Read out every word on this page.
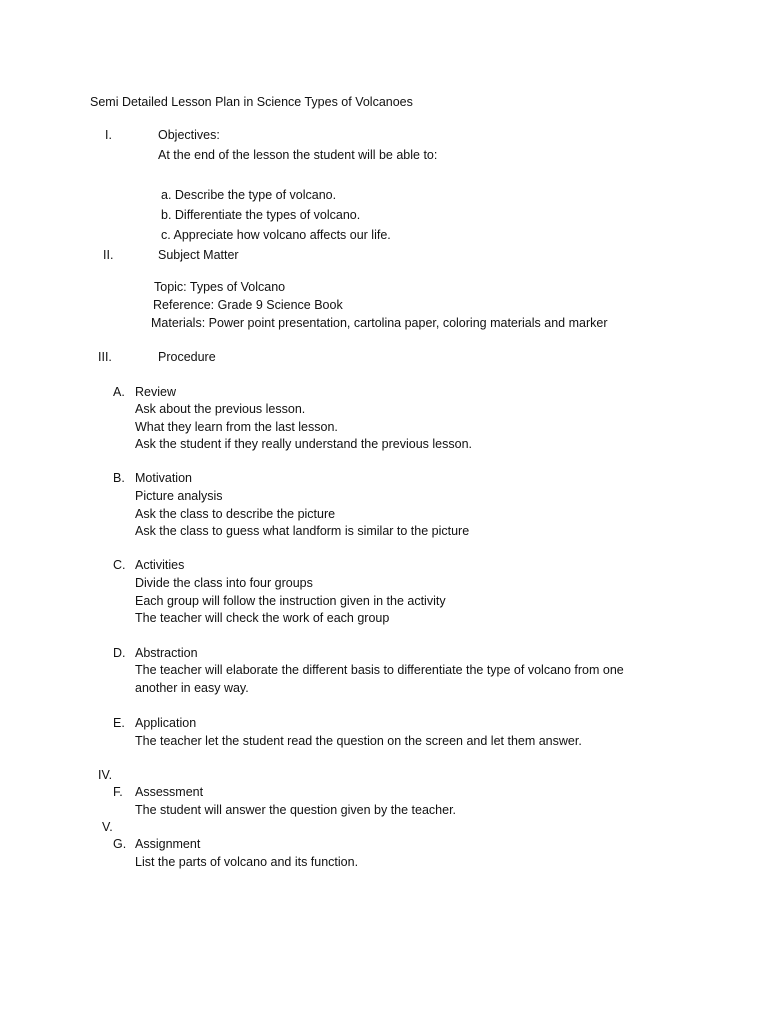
Semi Detailed Lesson Plan in Science Types of Volcanoes
I.	Objectives:
At the end of the lesson the student will be able to:
a. Describe the type of volcano.
b. Differentiate the types of volcano.
c. Appreciate how volcano affects our life.
II.	Subject Matter
Topic: Types of Volcano
Reference: Grade 9 Science Book
Materials: Power point presentation, cartolina paper, coloring materials and marker
III.	Procedure
A. Review
Ask about the previous lesson.
What they learn from the last lesson.
Ask the student if they really understand the previous lesson.
B. Motivation
Picture analysis
Ask the class to describe the picture
Ask the class to guess what landform is similar to the picture
C. Activities
Divide the class into four groups
Each group will follow the instruction given in the activity
The teacher will check the work of each group
D. Abstraction
The teacher will elaborate the different basis to differentiate the type of volcano from one
another in easy way.
E. Application
The teacher let the student read the question on the screen and let them answer.
IV.
F. Assessment
The student will answer the question given by the teacher.
V.
G. Assignment
List the parts of volcano and its function.
